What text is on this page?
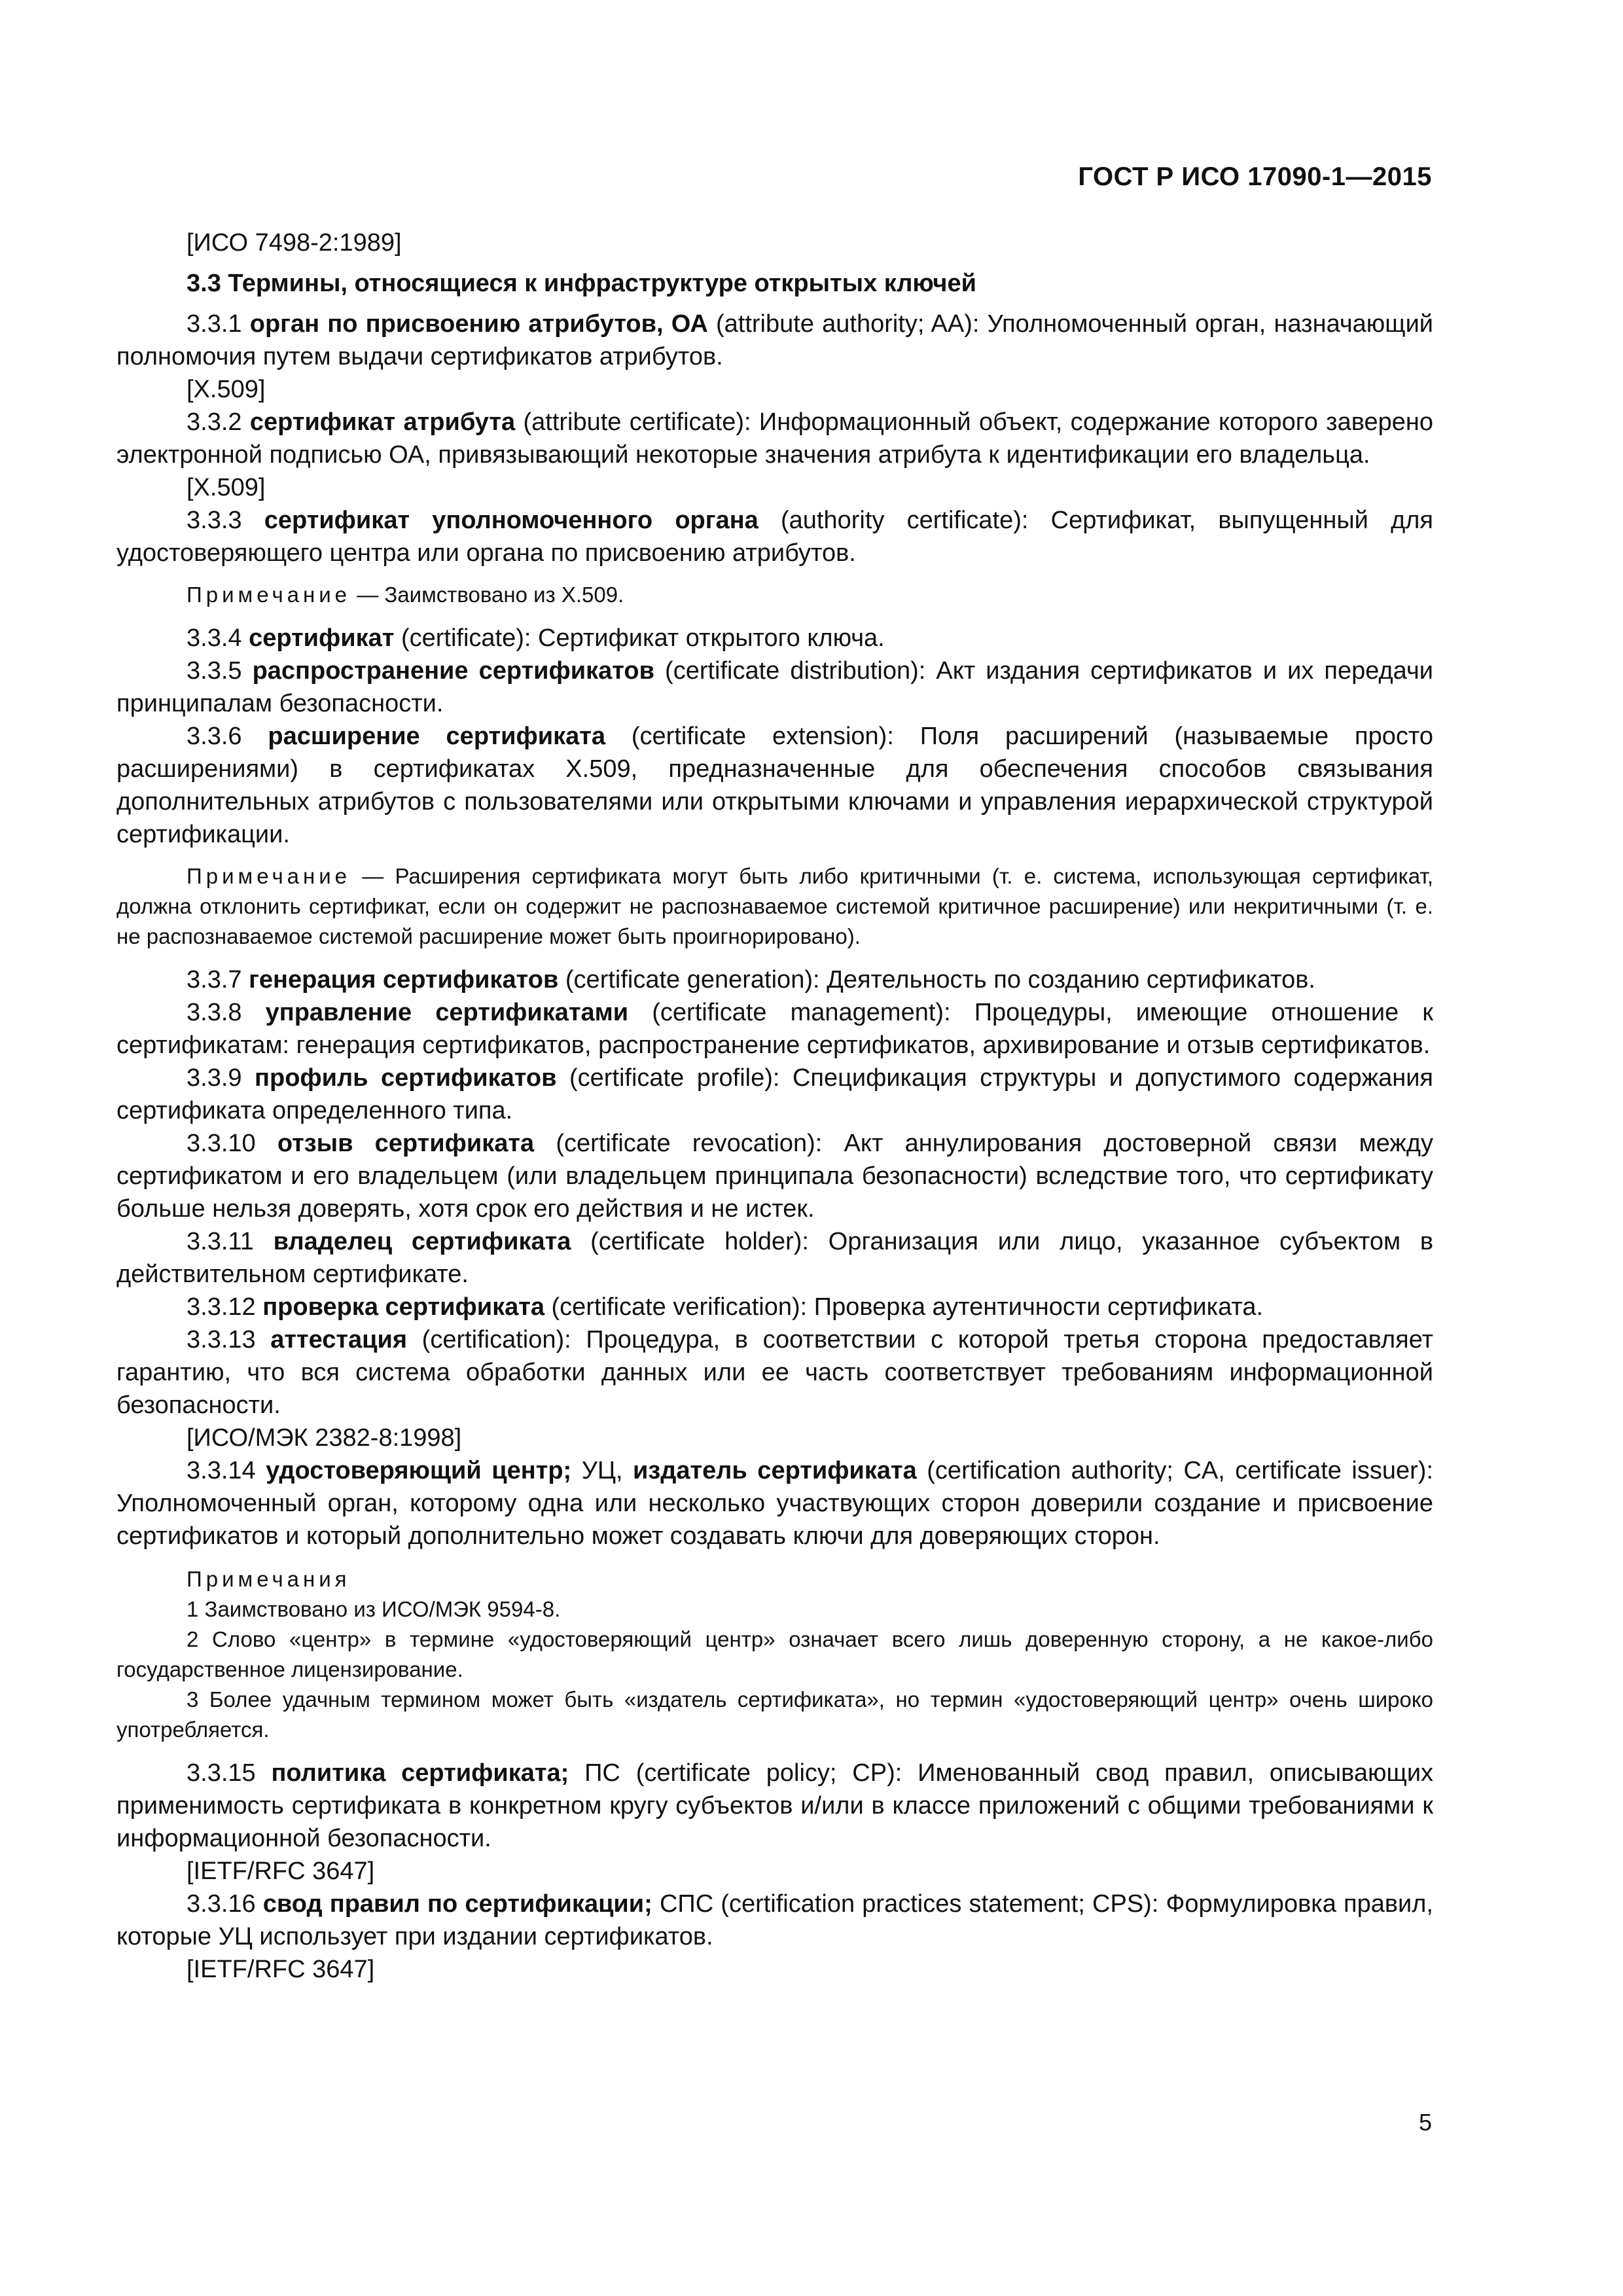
ГОСТ Р ИСО 17090-1—2015

[ИСО 7498-2:1989]

3.3 Термины, относящиеся к инфраструктуре открытых ключей

3.3.1 орган по присвоению атрибутов, ОА (attribute authority; AA): Уполномоченный орган, назначающий полномочия путем выдачи сертификатов атрибутов.

[X.509]

3.3.2 сертификат атрибута (attribute certificate): Информационный объект, содержание которого заверено электронной подписью ОА, привязывающий некоторые значения атрибута к идентификации его владельца.

[X.509]

3.3.3 сертификат уполномоченного органа (authority certificate): Сертификат, выпущенный для удостоверяющего центра или органа по присвоению атрибутов.

Примечание — Заимствовано из X.509.

3.3.4 сертификат (certificate): Сертификат открытого ключа.

3.3.5 распространение сертификатов (certificate distribution): Акт издания сертификатов и их передачи принципалам безопасности.

3.3.6 расширение сертификата (certificate extension): Поля расширений (называемые просто расширениями) в сертификатах X.509, предназначенные для обеспечения способов связывания дополнительных атрибутов с пользователями или открытыми ключами и управления иерархической структурой сертификации.

Примечание — Расширения сертификата могут быть либо критичными (т. е. система, использующая сертификат, должна отклонить сертификат, если он содержит не распознаваемое системой критичное расширение) или некритичными (т. е. не распознаваемое системой расширение может быть проигнорировано).

3.3.7 генерация сертификатов (certificate generation): Деятельность по созданию сертификатов.

3.3.8 управление сертификатами (certificate management): Процедуры, имеющие отношение к сертификатам: генерация сертификатов, распространение сертификатов, архивирование и отзыв сертификатов.

3.3.9 профиль сертификатов (certificate profile): Спецификация структуры и допустимого содержания сертификата определенного типа.

3.3.10 отзыв сертификата (certificate revocation): Акт аннулирования достоверной связи между сертификатом и его владельцем (или владельцем принципала безопасности) вследствие того, что сертификату больше нельзя доверять, хотя срок его действия и не истек.

3.3.11 владелец сертификата (certificate holder): Организация или лицо, указанное субъектом в действительном сертификате.

3.3.12 проверка сертификата (certificate verification): Проверка аутентичности сертификата.

3.3.13 аттестация (certification): Процедура, в соответствии с которой третья сторона предоставляет гарантию, что вся система обработки данных или ее часть соответствует требованиям информационной безопасности.

[ИСО/МЭК 2382-8:1998]

3.3.14 удостоверяющий центр; УЦ, издатель сертификата (certification authority; CA, certificate issuer): Уполномоченный орган, которому одна или несколько участвующих сторон доверили создание и присвоение сертификатов и который дополнительно может создавать ключи для доверяющих сторон.

Примечания

1 Заимствовано из ИСО/МЭК 9594-8.

2 Слово «центр» в термине «удостоверяющий центр» означает всего лишь доверенную сторону, а не какое-либо государственное лицензирование.

3 Более удачным термином может быть «издатель сертификата», но термин «удостоверяющий центр» очень широко употребляется.

3.3.15 политика сертификата; ПС (certificate policy; CP): Именованный свод правил, описывающих применимость сертификата в конкретном кругу субъектов и/или в классе приложений с общими требованиями к информационной безопасности.

[IETF/RFC 3647]

3.3.16 свод правил по сертификации; СПС (certification practices statement; CPS): Формулировка правил, которые УЦ использует при издании сертификатов.

[IETF/RFC 3647]

5
